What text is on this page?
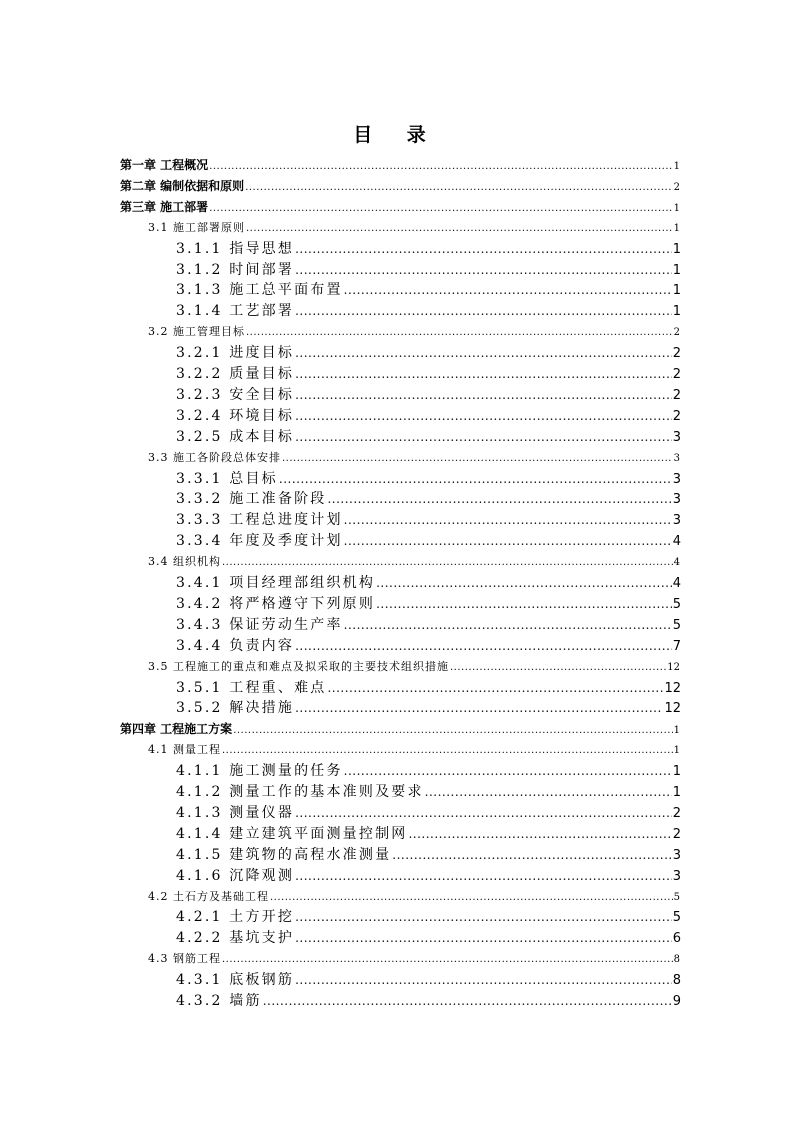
目 录
第一章 工程概况 .....	1
第二章 编制依据和原则 .....	2
第三章 施工部署 .....	1
3.1 施工部署原则 .....	1
3.1.1 指导思想 .....	1
3.1.2 时间部署 .....	1
3.1.3 施工总平面布置 .....	1
3.1.4 工艺部署 .....	1
3.2 施工管理目标 .....	2
3.2.1 进度目标 .....	2
3.2.2 质量目标 .....	2
3.2.3 安全目标 .....	2
3.2.4 环境目标 .....	2
3.2.5 成本目标 .....	3
3.3 施工各阶段总体安排 .....	3
3.3.1 总目标 .....	3
3.3.2 施工准备阶段 .....	3
3.3.3 工程总进度计划 .....	3
3.3.4 年度及季度计划 .....	4
3.4 组织机构 .....	4
3.4.1 项目经理部组织机构 .....	4
3.4.2 将严格遵守下列原则 .....	5
3.4.3 保证劳动生产率 .....	5
3.4.4 负责内容 .....	7
3.5 工程施工的重点和难点及拟采取的主要技术组织措施 .....	12
3.5.1 工程重、难点 .....	12
3.5.2 解决措施 .....	12
第四章 工程施工方案 .....	1
4.1 测量工程 .....	1
4.1.1 施工测量的任务 .....	1
4.1.2 测量工作的基本准则及要求 .....	1
4.1.3 测量仪器 .....	2
4.1.4 建立建筑平面测量控制网 .....	2
4.1.5 建筑物的高程水准测量 .....	3
4.1.6 沉降观测 .....	3
4.2 土石方及基础工程 .....	5
4.2.1 土方开挖 .....	5
4.2.2 基坑支护 .....	6
4.3 钢筋工程 .....	8
4.3.1 底板钢筋 .....	8
4.3.2 墙筋 .....	9
